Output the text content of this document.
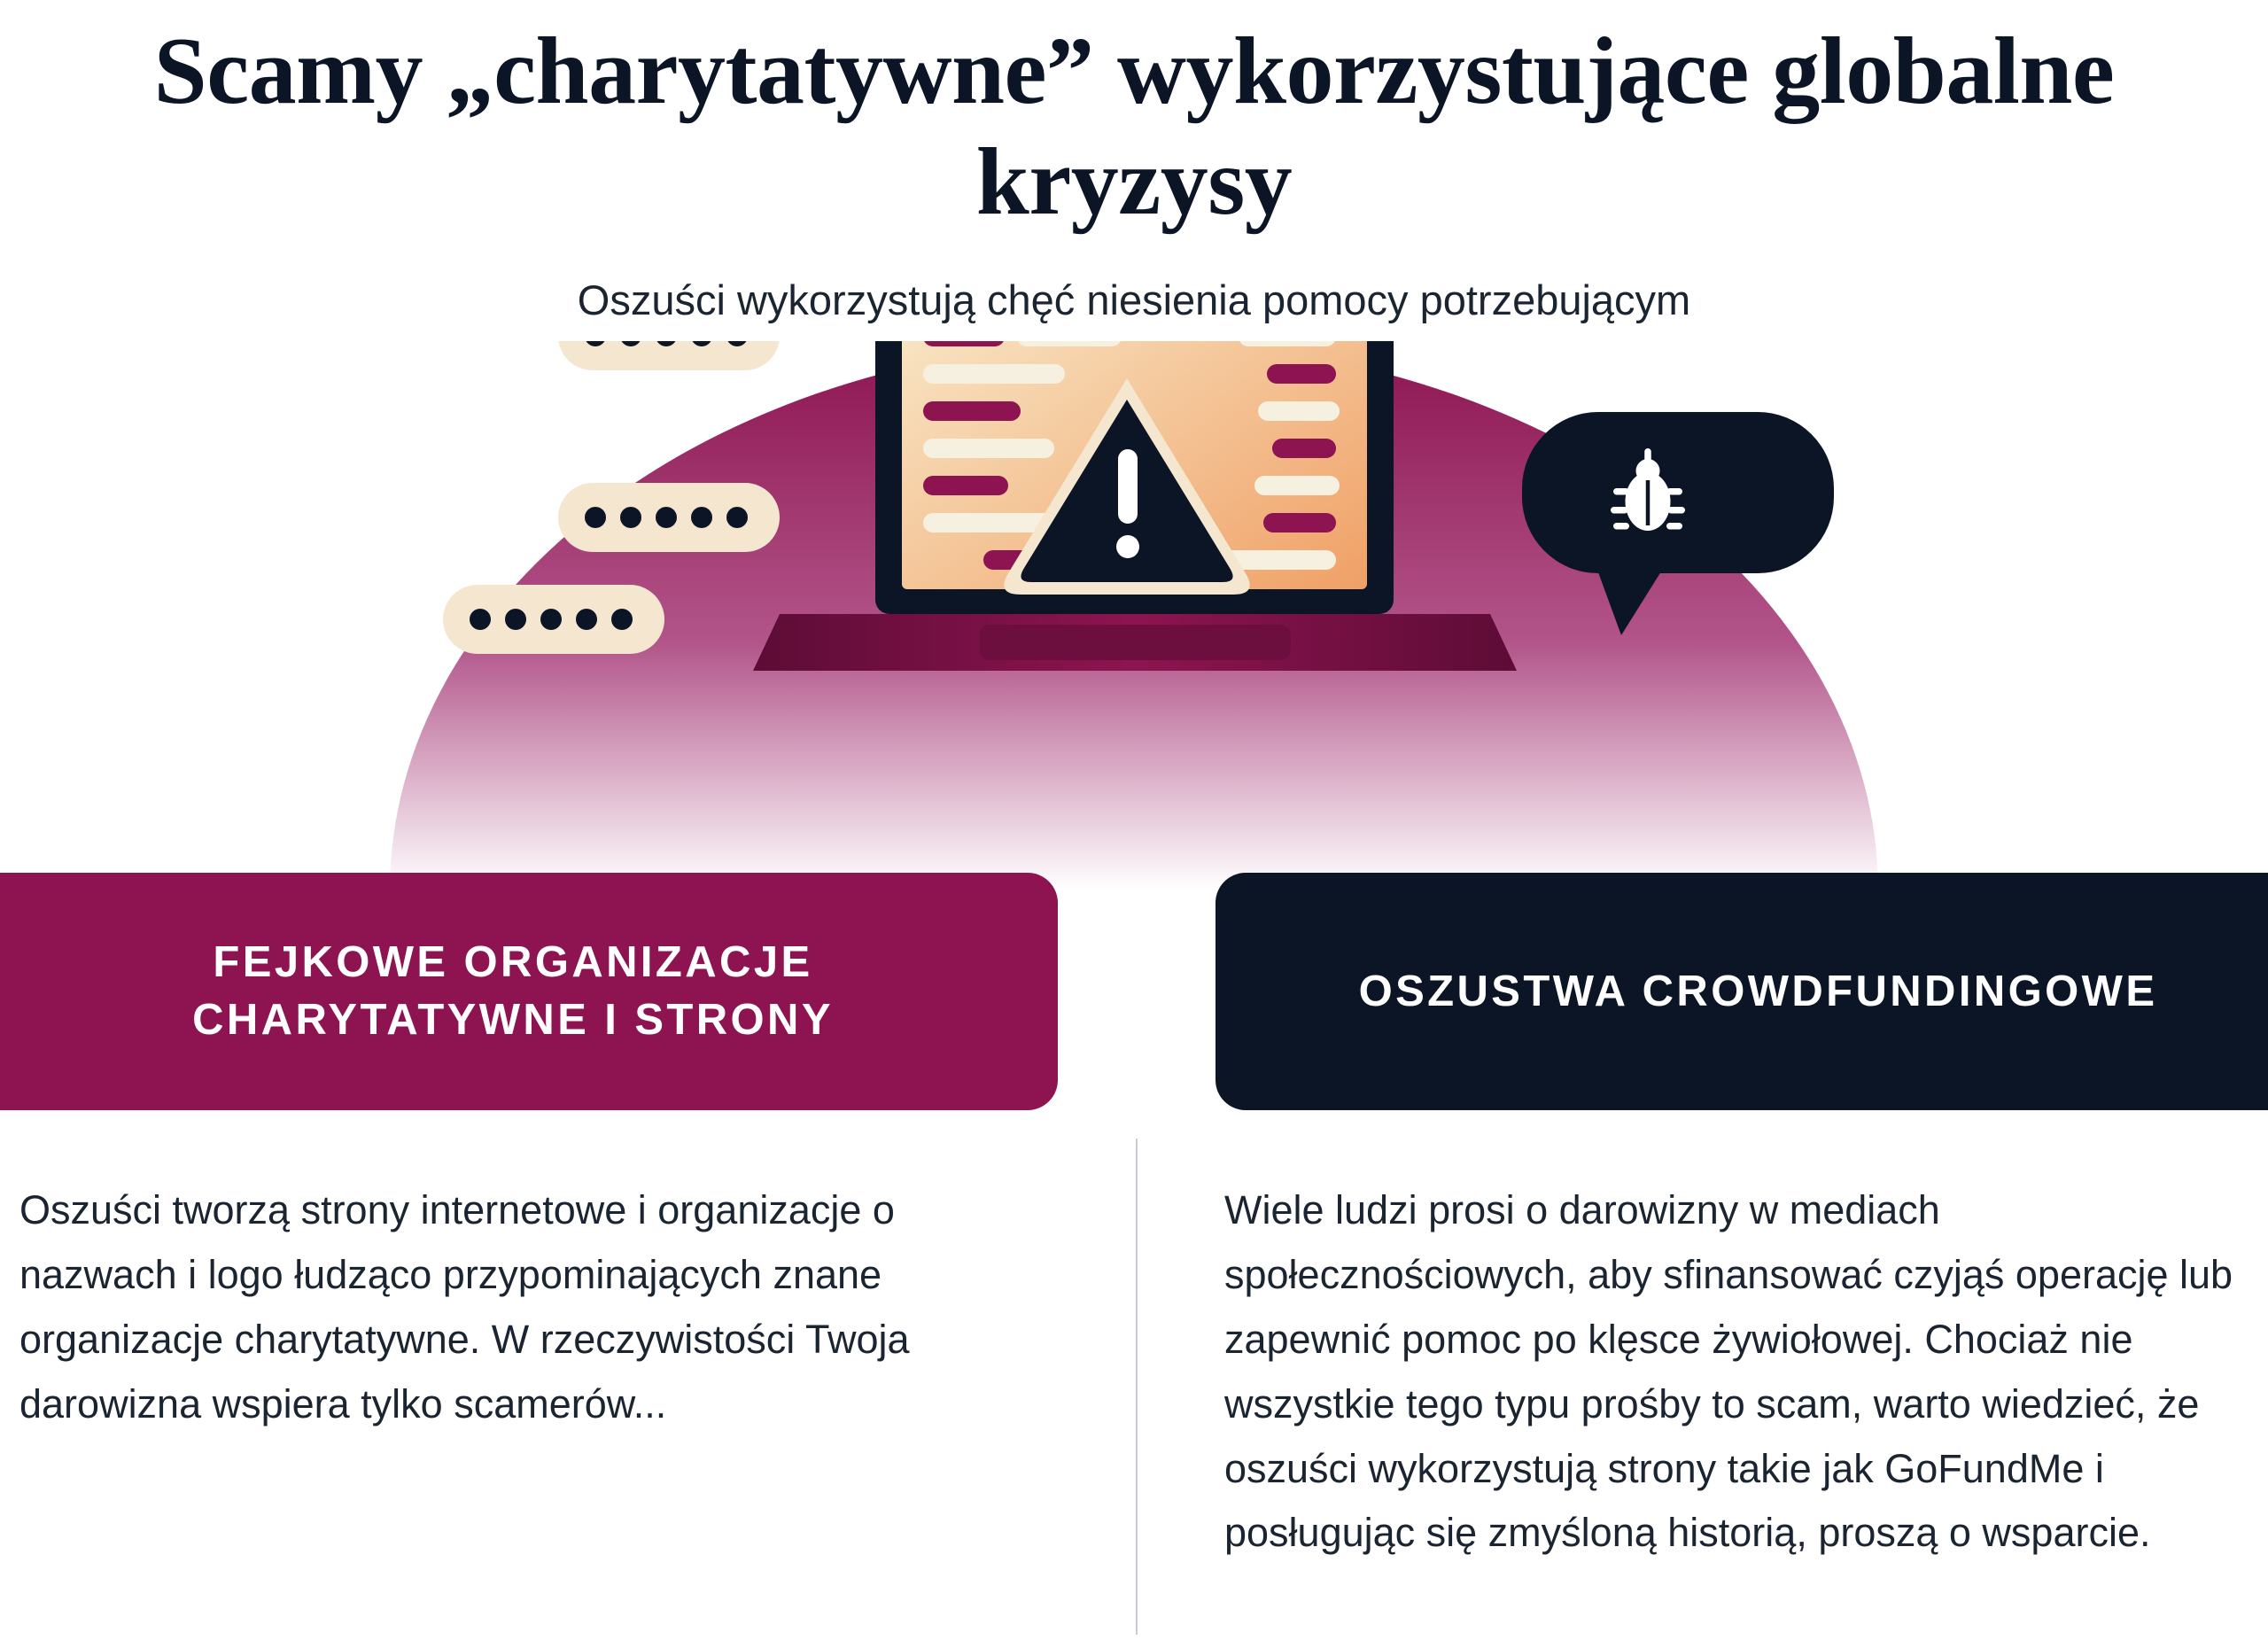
Scamy „charytatywne” wykorzystujące globalne kryzysy
Oszuści wykorzystują chęć niesienia pomocy potrzebującym
FEJKOWE ORGANIZACJE CHARYTATYWNE I STRONY
OSZUSTWA CROWDFUNDINGOWE

Oszuści tworzą strony internetowe i organizacje o nazwach i logo łudząco przypominających znane organizacje charytatywne. W rzeczywistości Twoja darowizna wspiera tylko scamerów...

Wiele ludzi prosi o darowizny w mediach społecznościowych, aby sfinansować czyjąś operację lub zapewnić pomoc po klęsce żywiołowej. Chociaż nie wszystkie tego typu prośby to scam, warto wiedzieć, że oszuści wykorzystują strony takie jak GoFundMe i posługując się zmyśloną historią, proszą o wsparcie.
